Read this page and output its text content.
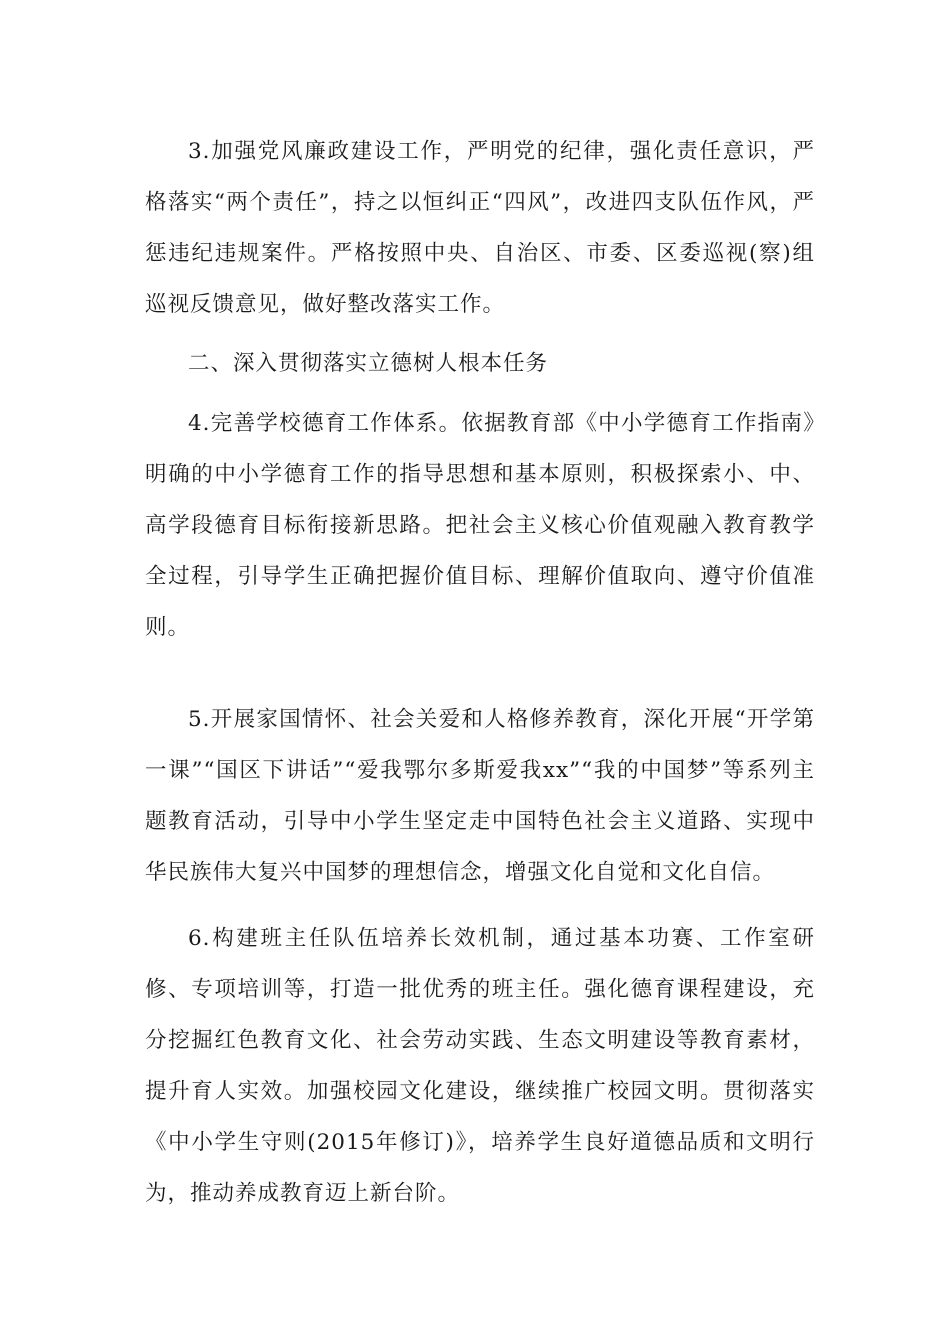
3.加强党风廉政建设工作，严明党的纪律，强化责任意识，严格落实“两个责任”，持之以恒纠正“四风”，改进四支队伍作风，严惩违纪违规案件。严格按照中央、自治区、市委、区委巡视(察)组巡视反馈意见，做好整改落实工作。

二、深入贯彻落实立德树人根本任务

4.完善学校德育工作体系。依据教育部《中小学德育工作指南》明确的中小学德育工作的指导思想和基本原则，积极探索小、中、高学段德育目标衔接新思路。把社会主义核心价值观融入教育教学全过程，引导学生正确把握价值目标、理解价值取向、遵守价值准则。

5.开展家国情怀、社会关爱和人格修养教育，深化开展“开学第一课”“国区下讲话”“爱我鄂尔多斯爱我xx”“我的中国梦”等系列主题教育活动，引导中小学生坚定走中国特色社会主义道路、实现中华民族伟大复兴中国梦的理想信念，增强文化自觉和文化自信。

6.构建班主任队伍培养长效机制，通过基本功赛、工作室研修、专项培训等，打造一批优秀的班主任。强化德育课程建设，充分挖掘红色教育文化、社会劳动实践、生态文明建设等教育素材，提升育人实效。加强校园文化建设，继续推广校园文明。贯彻落实《中小学生守则(2015年修订)》，培养学生良好道德品质和文明行为，推动养成教育迈上新台阶。
